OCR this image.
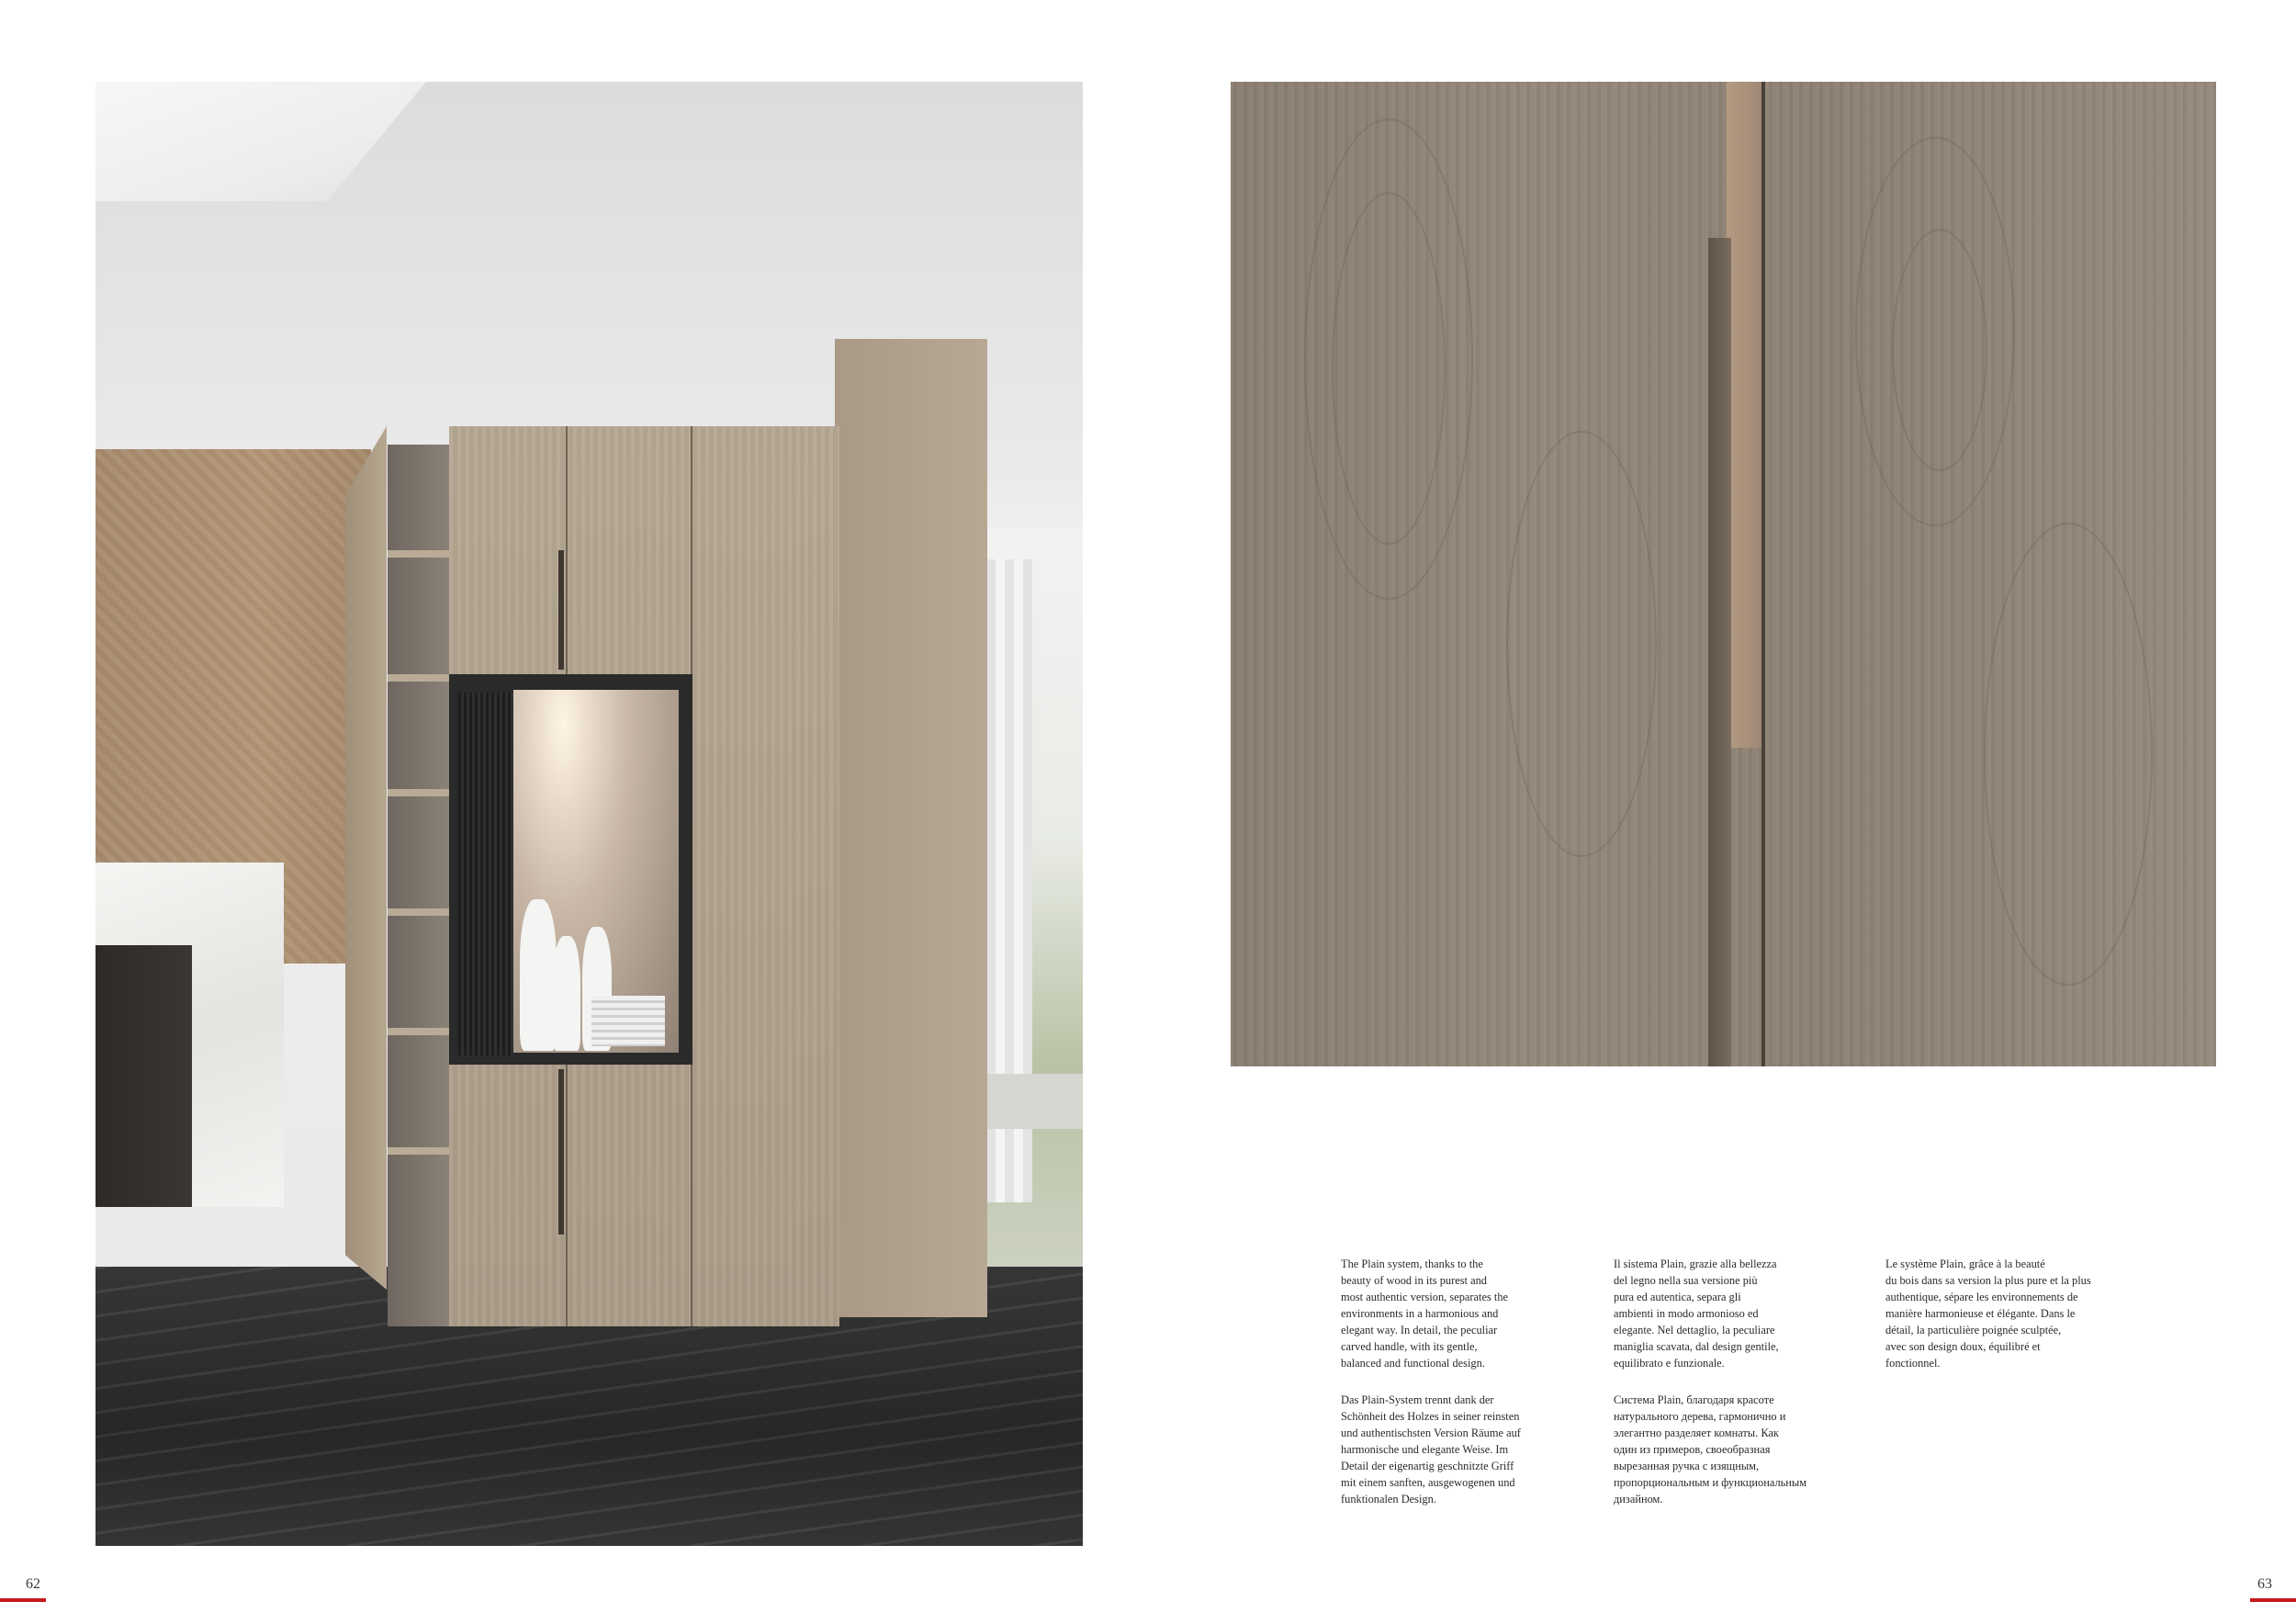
The Plain system, thanks to the
beauty of wood in its purest and
most authentic version, separates the
environments in a harmonious and
elegant way. In detail, the peculiar
carved handle, with its gentle,
balanced and functional design.

Das Plain-System trennt dank der
Schönheit des Holzes in seiner reinsten
und authentischsten Version Räume auf
harmonische und elegante Weise. Im
Detail der eigenartig geschnitzte Griff
mit einem sanften, ausgewogenen und
funktionalen Design.

Il sistema Plain, grazie alla bellezza
del legno nella sua versione più
pura ed autentica, separa gli
ambienti in modo armonioso ed
elegante. Nel dettaglio, la peculiare
maniglia scavata, dal design gentile,
equilibrato e funzionale.

Система Plain, благодаря красоте
натурального дерева, гармонично и
элегантно разделяет комнаты. Как
один из примеров, своеобразная
вырезанная ручка с изящным,
пропорциональным и функциональным
дизайном.

Le système Plain, grâce à la beauté
du bois dans sa version la plus pure et la plus
authentique, sépare les environnements de
manière harmonieuse et élégante. Dans le
détail, la particulière poignée sculptée,
avec son design doux, équilibré et
fonctionnel.

62	63
